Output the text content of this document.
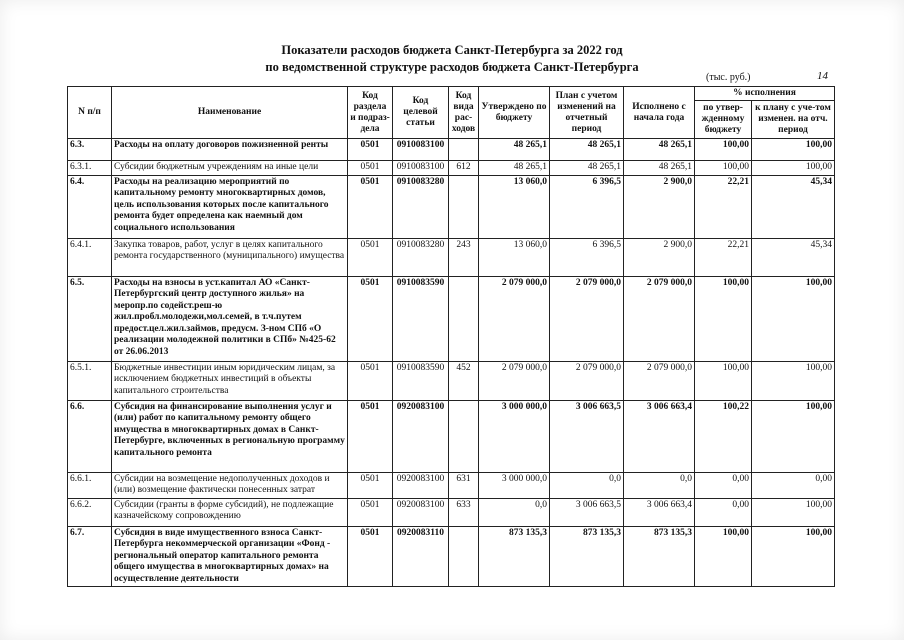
Показатели расходов бюджета Санкт-Петербурга за 2022 год
по ведомственной структуре расходов бюджета Санкт-Петербурга
(тыс. руб.)	14
N п/п	Наименование	Код раздела и подраз-дела	Код целевой статьи	Код вида рас-ходов	Утверждено по бюджету	План с учетом изменений на отчетный период	Исполнено с начала года	% исполнения	
								по утвер-жденному бюджету	к плану с уче-том изменен. на отч. период
6.3.	Расходы на оплату договоров пожизненной ренты	0501	0910083100		48 265,1	48 265,1	48 265,1	100,00	100,00
6.3.1.	Субсидии бюджетным учреждениям на иные цели	0501	0910083100	612	48 265,1	48 265,1	48 265,1	100,00	100,00
6.4.	Расходы на реализацию мероприятий по капитальному ремонту многоквартирных домов, цель использования которых после капитального ремонта будет определена как наемный дом социального использования	0501	0910083280		13 060,0	6 396,5	2 900,0	22,21	45,34
6.4.1.	Закупка товаров, работ, услуг в целях капитального ремонта государственного (муниципального) имущества	0501	0910083280	243	13 060,0	6 396,5	2 900,0	22,21	45,34
6.5.	Расходы на взносы в уст.капитал АО «Санкт-Петербургский центр доступного жилья» на меропр.по содейст.реш-ю жил.пробл.молодежи,мол.семей, в т.ч.путем предост.цел.жил.займов, предусм. З-ном СПб «О реализации молодежной политики в СПб» №425-62 от 26.06.2013	0501	0910083590		2 079 000,0	2 079 000,0	2 079 000,0	100,00	100,00
6.5.1.	Бюджетные инвестиции иным юридическим лицам, за исключением бюджетных инвестиций в объекты капитального строительства	0501	0910083590	452	2 079 000,0	2 079 000,0	2 079 000,0	100,00	100,00
6.6.	Субсидия на финансирование выполнения услуг и (или) работ по капитальному ремонту общего имущества в многоквартирных домах в Санкт-Петербурге, включенных в региональную программу капитального ремонта	0501	0920083100		3 000 000,0	3 006 663,5	3 006 663,4	100,22	100,00
6.6.1.	Субсидии на возмещение недополученных доходов и (или) возмещение фактически понесенных затрат	0501	0920083100	631	3 000 000,0	0,0	0,0	0,00	0,00
6.6.2.	Субсидии (гранты в форме субсидий), не подлежащие казначейскому сопровождению	0501	0920083100	633	0,0	3 006 663,5	3 006 663,4	0,00	100,00
6.7.	Субсидия в виде имущественного взноса Санкт-Петербурга некоммерческой организации «Фонд - региональный оператор капитального ремонта общего имущества в многоквартирных домах» на осуществление деятельности	0501	0920083110		873 135,3	873 135,3	873 135,3	100,00	100,00
